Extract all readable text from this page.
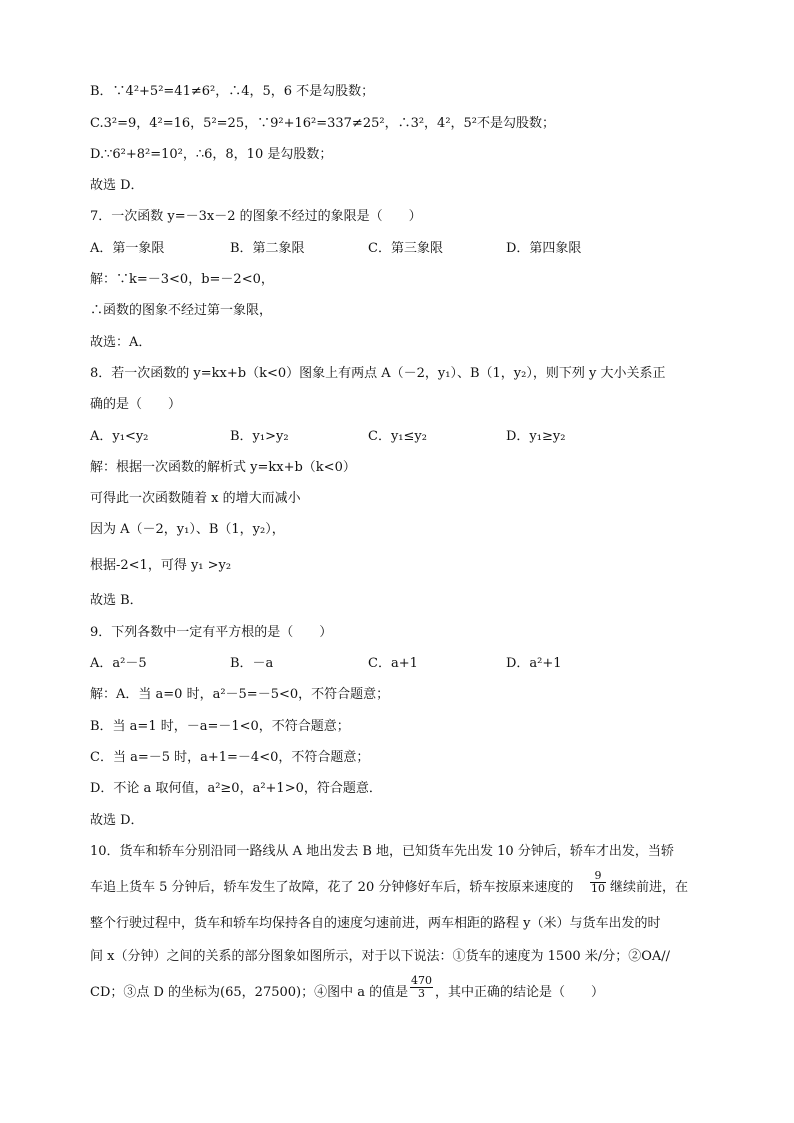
B．∵4²+5²=41≠6²，∴4，5，6 不是勾股数；
C.3²=9，4²=16，5²=25，∵9²+16²=337≠25²，∴3²，4²，5²不是勾股数；
D.∵6²+8²=10²，∴6，8，10 是勾股数；
故选 D．
7．一次函数 y=－3x－2 的图象不经过的象限是（　　）
A．第一象限	B．第二象限	C．第三象限	D．第四象限
解：∵k=－3<0，b=－2<0，
∴函数的图象不经过第一象限，
故选：A．
8．若一次函数的 y=kx+b（k<0）图象上有两点 A（－2，y₁）、B（1，y₂），则下列 y 大小关系正
确的是（　　）
A．y₁<y₂	B．y₁>y₂	C．y₁≤y₂	D．y₁≥y₂
解：根据一次函数的解析式 y=kx+b（k<0）
可得此一次函数随着 x 的增大而减小
因为 A（－2，y₁）、B（1，y₂），
根据-2<1，可得 y₁ >y₂
故选 B．
9．下列各数中一定有平方根的是（　　）
A．a²－5	B．－a	C．a+1	D．a²+1
解：A．当 a=0 时，a²－5=－5<0，不符合题意；
B．当 a=1 时，－a=－1<0，不符合题意；
C．当 a=－5 时，a+1=－4<0，不符合题意；
D．不论 a 取何值，a²≥0，a²+1>0，符合题意．
故选 D．
10．货车和轿车分别沿同一路线从 A 地出发去 B 地，已知货车先出发 10 分钟后，轿车才出发，当轿
车追上货车 5 分钟后，轿车发生了故障，花了 20 分钟修好车后，轿车按原来速度的 $\frac{9}{10}$ 继续前进，在
整个行驶过程中，货车和轿车均保持各自的速度匀速前进，两车相距的路程 y（米）与货车出发的时
间 x（分钟）之间的关系的部分图象如图所示，对于以下说法：①货车的速度为 1500 米/分；②OA//
CD；③点 D 的坐标为(65，27500)；④图中 a 的值是 $\frac{470}{3}$ ，其中正确的结论是（　　）
